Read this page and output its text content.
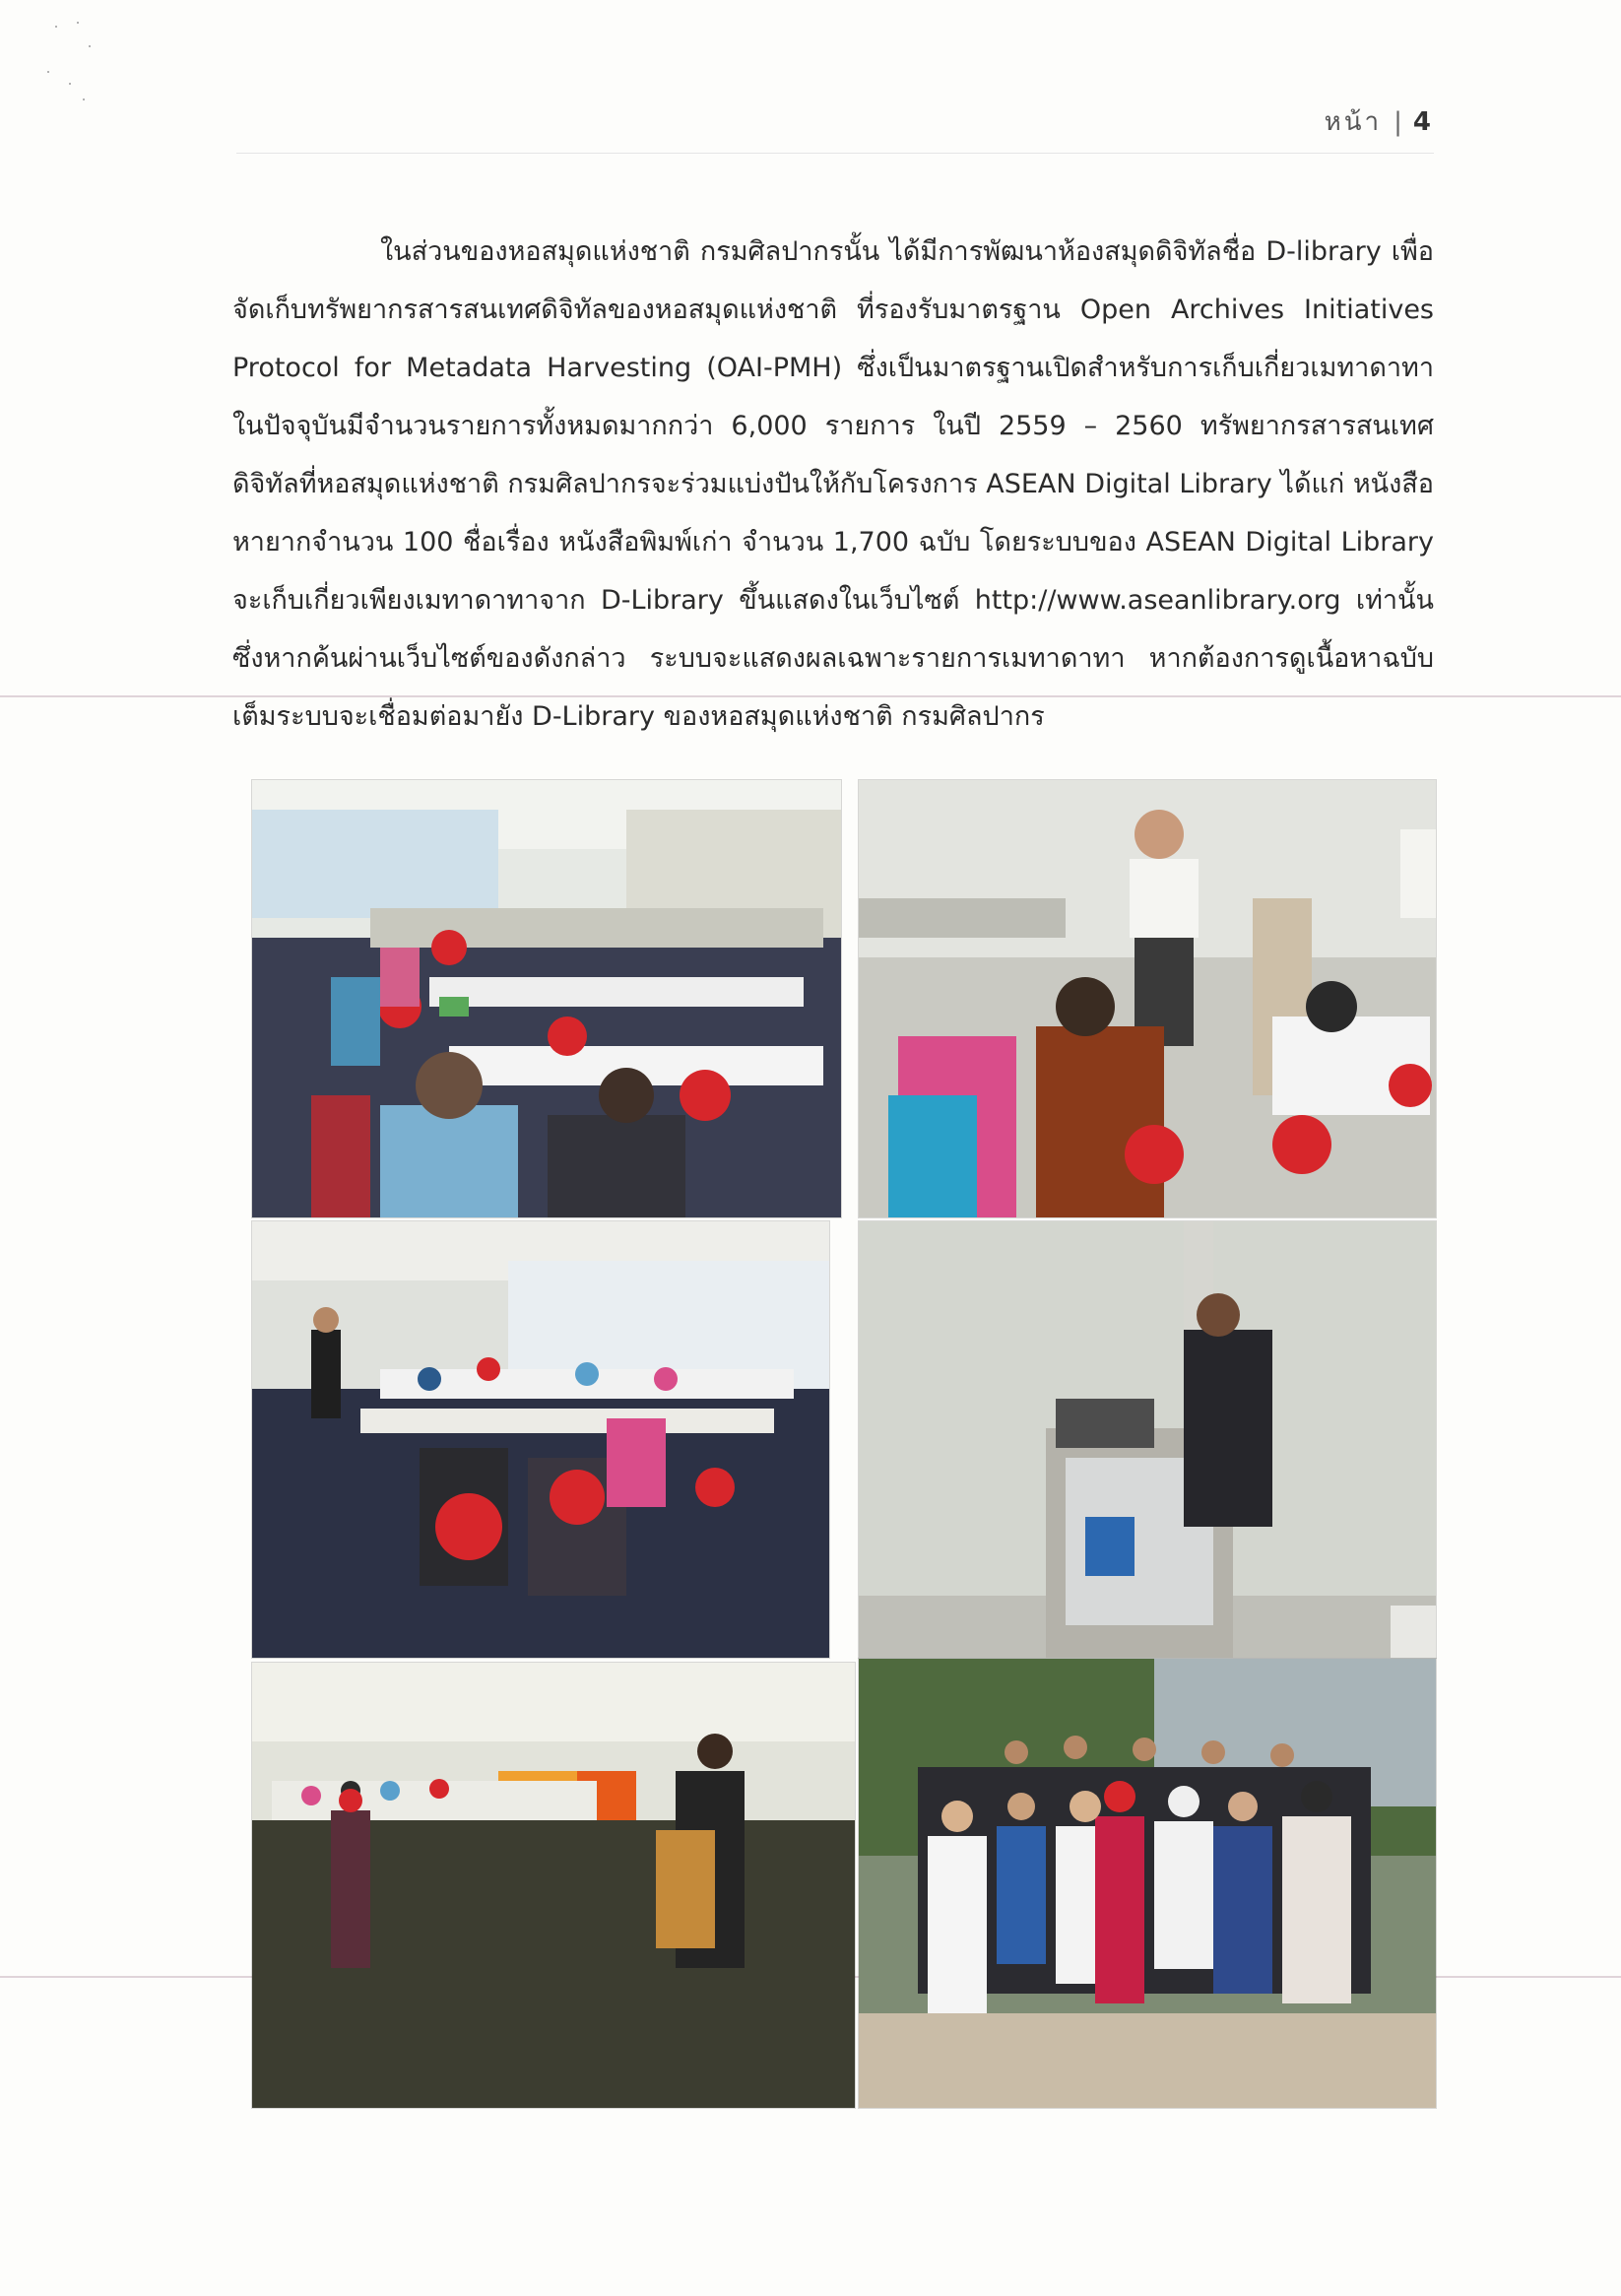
หน้า | 4

ในส่วนของหอสมุดแห่งชาติ กรมศิลปากรนั้น ได้มีการพัฒนาห้องสมุดดิจิทัลชื่อ D-library เพื่อจัดเก็บทรัพยากรสารสนเทศดิจิทัลของหอสมุดแห่งชาติ ที่รองรับมาตรฐาน Open Archives Initiatives Protocol for Metadata Harvesting (OAI-PMH) ซึ่งเป็นมาตรฐานเปิดสำหรับการเก็บเกี่ยวเมทาดาทา ในปัจจุบันมีจำนวนรายการทั้งหมดมากกว่า 6,000 รายการ ในปี 2559 – 2560 ทรัพยากรสารสนเทศดิจิทัลที่หอสมุดแห่งชาติ กรมศิลปากรจะร่วมแบ่งปันให้กับโครงการ ASEAN Digital Library ได้แก่ หนังสือหายากจำนวน 100 ชื่อเรื่อง หนังสือพิมพ์เก่า จำนวน 1,700 ฉบับ โดยระบบของ ASEAN Digital Library จะเก็บเกี่ยวเพียงเมทาดาทาจาก D-Library ขึ้นแสดงในเว็บไซต์ http://www.aseanlibrary.org เท่านั้น ซึ่งหากค้นผ่านเว็บไซต์ของดังกล่าว ระบบจะแสดงผลเฉพาะรายการเมทาดาทา หากต้องการดูเนื้อหาฉบับเต็มระบบจะเชื่อมต่อมายัง D-Library ของหอสมุดแห่งชาติ กรมศิลปากร
